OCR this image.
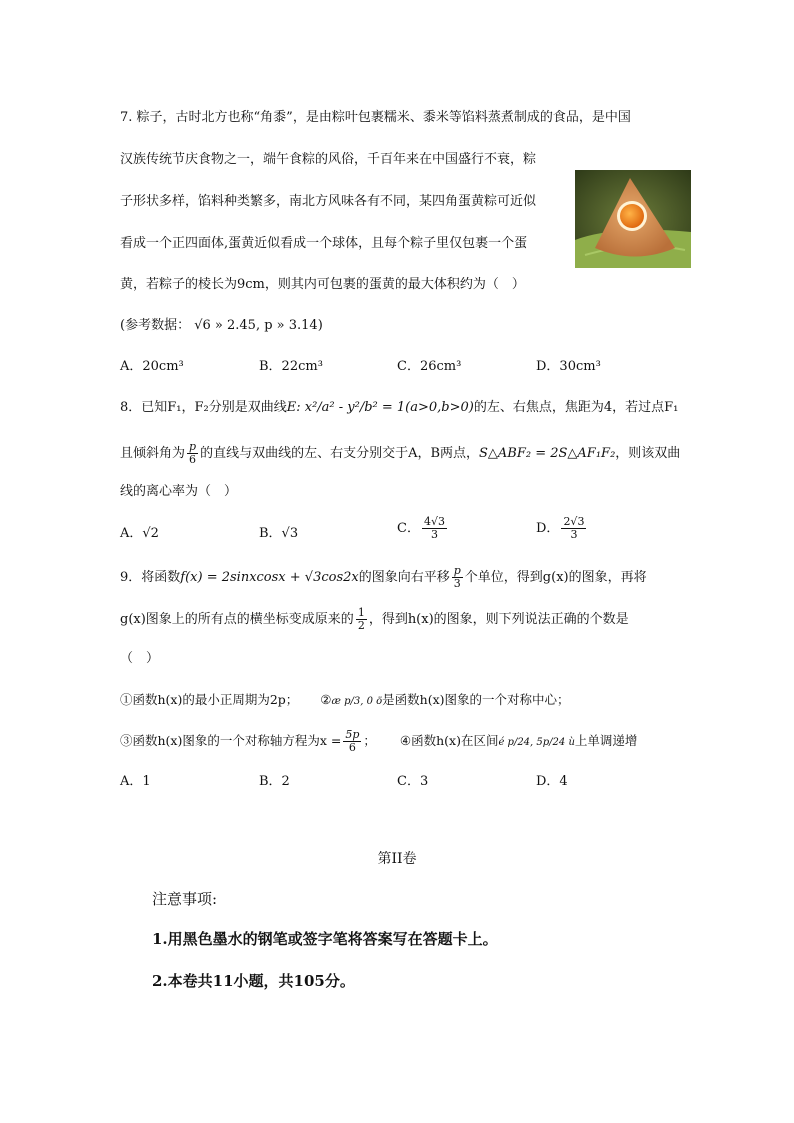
7. 粽子，古时北方也称“角黍”，是由粽叶包裹糯米、黍米等馅料蒸煮制成的食品，是中国
汉族传统节庆食物之一，端午食粽的风俗，千百年来在中国盛行不衰，粽
子形状多样，馅料种类繁多，南北方风味各有不同，某四角蛋黄粽可近似
看成一个正四面体,蛋黄近似看成一个球体，且每个粽子里仅包裹一个蛋
黄，若粽子的棱长为9cm，则其内可包裹的蛋黄的最大体积约为（　）
(参考数据： √6 » 2.45, p » 3.14)
A．20cm³	B．22cm³	C．26cm³	D．30cm³
8．已知F₁，F₂分别是双曲线E: x²/a² - y²/b² = 1(a>0,b>0)的左、右焦点，焦距为4，若过点F₁
且倾斜角为 $\frac{p}{6}$ 的直线与双曲线的左、右支分别交于A，B两点，S△ABF₂ = 2S△AF₁F₂，则该双曲
线的离心率为（　）
A．√2	B．√3	C． $\frac{4√3}{3}$	D． $\frac{2√3}{3}$
9．将函数f(x) = 2sinxcosx + √3cos2x的图象向右平移 $\frac{p}{3}$ 个单位，得到g(x)的图象，再将
g(x)图象上的所有点的横坐标变成原来的 $\frac{1}{2}$ ，得到h(x)的图象，则下列说法正确的个数是
（　）
①函数h(x)的最小正周期为2p； ②æ p/3, 0 ö是函数h(x)图象的一个对称中心；
③函数h(x)图象的一个对称轴方程为$x = \frac{5p}{6}$ ； ④函数h(x)在区间é p/24, 5p/24 ù上单调递增
A．1	B．2	C．3	D．4
第II卷
注意事项:
1.用黑色墨水的钢笔或签字笔将答案写在答题卡上。
2.本卷共11小题，共105分。
